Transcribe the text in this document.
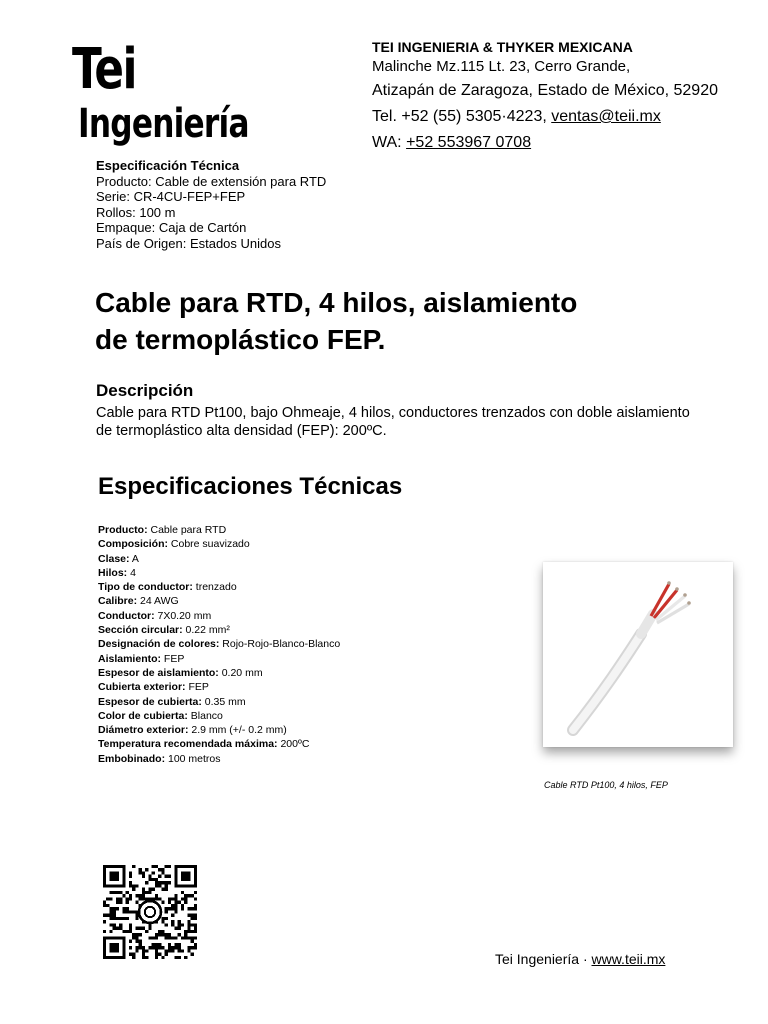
Tei
Ingeniería
TEI INGENIERIA & THYKER MEXICANA
Malinche Mz.115 Lt. 23, Cerro Grande,
Atizapán de Zaragoza, Estado de México, 52920
Tel. +52 (55) 5305·4223, ventas@teii.mx
WA: +52 553967 0708
Especificación Técnica
Producto: Cable de extensión para RTD
Serie: CR-4CU-FEP+FEP
Rollos: 100 m
Empaque: Caja de Cartón
País de Origen: Estados Unidos
Cable para RTD, 4 hilos, aislamiento
de termoplástico FEP.
Descripción
Cable para RTD Pt100, bajo Ohmeaje, 4 hilos, conductores trenzados con doble aislamiento
de termoplástico alta densidad (FEP): 200ºC.
Especificaciones Técnicas
Producto: Cable para RTD
Composición: Cobre suavizado
Clase: A
Hilos: 4
Tipo de conductor: trenzado
Calibre: 24 AWG
Conductor: 7X0.20 mm
Sección circular: 0.22 mm²
Designación de colores: Rojo-Rojo-Blanco-Blanco
Aislamiento: FEP
Espesor de aislamiento: 0.20 mm
Cubierta exterior: FEP
Espesor de cubierta: 0.35 mm
Color de cubierta: Blanco
Diámetro exterior: 2.9 mm (+/- 0.2 mm)
Temperatura recomendada máxima: 200ºC
Embobinado: 100 metros
Cable RTD Pt100, 4 hilos, FEP
Tei Ingeniería · www.teii.mx
